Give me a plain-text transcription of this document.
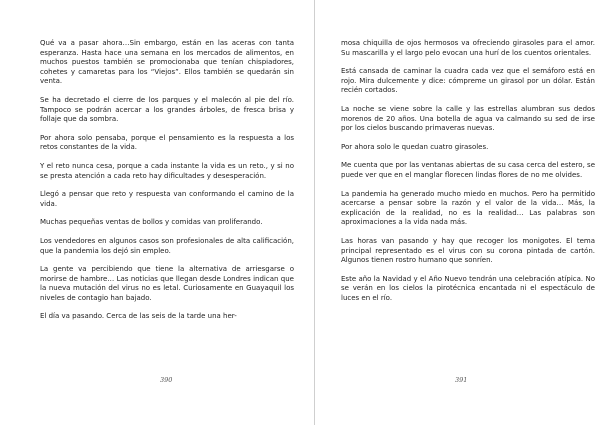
Qué va a pasar ahora…Sin embargo, están en las aceras con tanta esperanza. Hasta hace una semana en los mercados de alimentos, en muchos puestos también se promocionaba que tenían chispiadores, cohetes y camaretas para los “Viejos”. Ellos también se quedarán sin venta.

Se ha decretado el cierre de los parques y el malecón al pie del río. Tampoco se podrán acercar a los grandes árboles, de fresca brisa y follaje que da sombra.

Por ahora solo pensaba, porque el pensamiento es la respuesta a los retos constantes de la vida.

Y el reto nunca cesa, porque a cada instante la vida es un reto., y si no se presta atención a cada reto hay dificultades y desesperación.

Llegó a pensar que reto y respuesta van conformando el camino de la vida.

Muchas pequeñas ventas de bollos y comidas van proliferando.

Los vendedores en algunos casos son profesionales de alta calificación, que la pandemia los dejó sin empleo.

La gente va percibiendo que tiene la alternativa de arriesgarse o morirse de hambre… Las noticias que llegan desde Londres indican que la nueva mutación del virus no es letal. Curiosamente en Guayaquil los niveles de contagio han bajado.

El día va pasando. Cerca de las seis de la tarde una her-

mosa chiquilla de ojos hermosos va ofreciendo girasoles para el amor. Su mascarilla y el largo pelo evocan una hurí de los cuentos orientales.

Está cansada de caminar la cuadra cada vez que el semáforo está en rojo. Mira dulcemente y dice: cómpreme un girasol por un dólar. Están recién cortados.

La noche se viene sobre la calle y las estrellas alumbran sus dedos morenos de 20 años. Una botella de agua va calmando su sed de irse por los cielos buscando primaveras nuevas.

Por ahora solo le quedan cuatro girasoles.

Me cuenta que por las ventanas abiertas de su casa cerca del estero, se puede ver que en el manglar florecen lindas flores de no me olvides.

La pandemia ha generado mucho miedo en muchos. Pero ha permitido acercarse a pensar sobre la razón y el valor de la vida… Más, la explicación de la realidad, no es la realidad… Las palabras son aproximaciones a la vida nada más.

Las horas van pasando y hay que recoger los monigotes. El tema principal representado es el virus con su corona pintada de cartón. Algunos tienen rostro humano que sonríen.

Este año la Navidad y el Año Nuevo tendrán una celebración atípica. No se verán en los cielos la pirotécnica encantada ni el espectáculo de luces en el río.

390	391
